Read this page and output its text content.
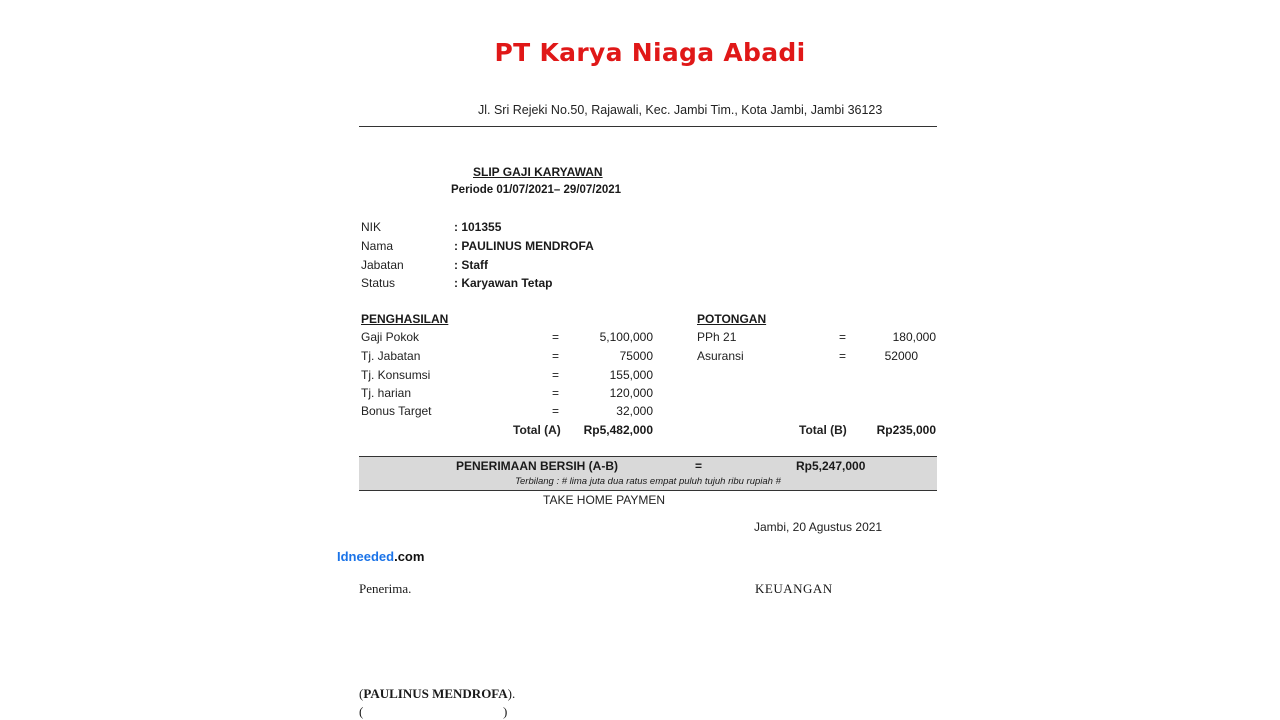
PT Karya Niaga Abadi
Jl. Sri Rejeki No.50, Rajawali, Kec. Jambi Tim., Kota Jambi, Jambi 36123
SLIP GAJI KARYAWAN
Periode 01/07/2021– 29/07/2021
NIK	: 101355
Nama	: PAULINUS MENDROFA
Jabatan	: Staff
Status	: Karyawan Tetap
PENGHASILAN
Gaji Pokok	=	5,100,000
Tj. Jabatan	=	75000
Tj. Konsumsi	=	155,000
Tj. harian	=	120,000
Bonus Target	=	32,000
Total (A)	Rp5,482,000
POTONGAN
PPh 21	=	180,000
Asuransi	=	52000
Total (B)	Rp235,000
PENERIMAAN BERSIH (A-B)	=	Rp5,247,000
Terbilang : # lima juta dua ratus empat puluh tujuh ribu rupiah #
TAKE HOME PAYMEN
Jambi, 20 Agustus 2021
Idneeded.com
Penerima.	KEUANGAN
(PAULINUS MENDROFA).
(	)
